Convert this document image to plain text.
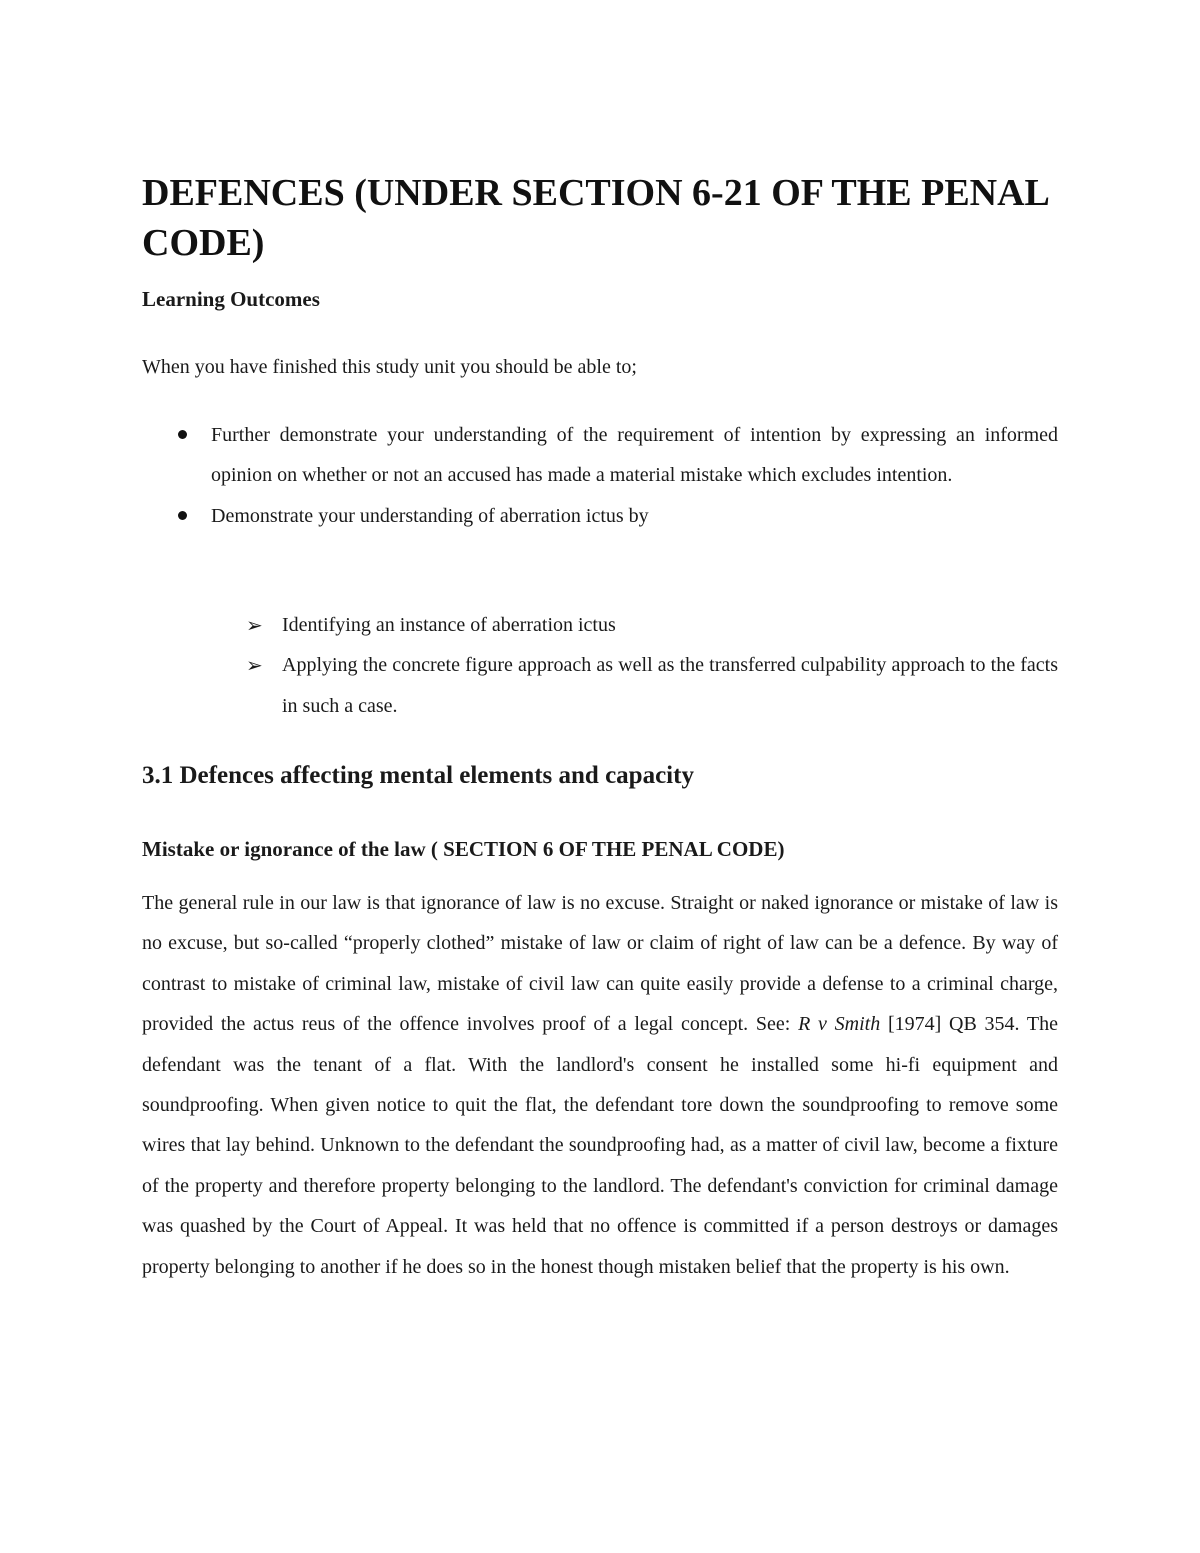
DEFENCES (UNDER SECTION 6-21 OF THE PENAL CODE)

Learning Outcomes

When you have finished this study unit you should be able to;

Further demonstrate your understanding of the requirement of intention by expressing an informed opinion on whether or not an accused has made a material mistake which excludes intention.

Demonstrate your understanding of aberration ictus by

➢ Identifying an instance of aberration ictus

➢ Applying the concrete figure approach as well as the transferred culpability approach to the facts in such a case.

3.1 Defences affecting mental elements and capacity
Mistake or ignorance of the law ( SECTION 6 OF THE PENAL CODE)

The general rule in our law is that ignorance of law is no excuse. Straight or naked ignorance or mistake of law is no excuse, but so-called “properly clothed” mistake of law or claim of right of law can be a defence. By way of contrast to mistake of criminal law, mistake of civil law can quite easily provide a defense to a criminal charge, provided the actus reus of the offence involves proof of a legal concept. See: R v Smith [1974] QB 354. The defendant was the tenant of a flat. With the landlord's consent he installed some hi-fi equipment and soundproofing. When given notice to quit the flat, the defendant tore down the soundproofing to remove some wires that lay behind. Unknown to the defendant the soundproofing had, as a matter of civil law, become a fixture of the property and therefore property belonging to the landlord. The defendant's conviction for criminal damage was quashed by the Court of Appeal. It was held that no offence is committed if a person destroys or damages property belonging to another if he does so in the honest though mistaken belief that the property is his own.
